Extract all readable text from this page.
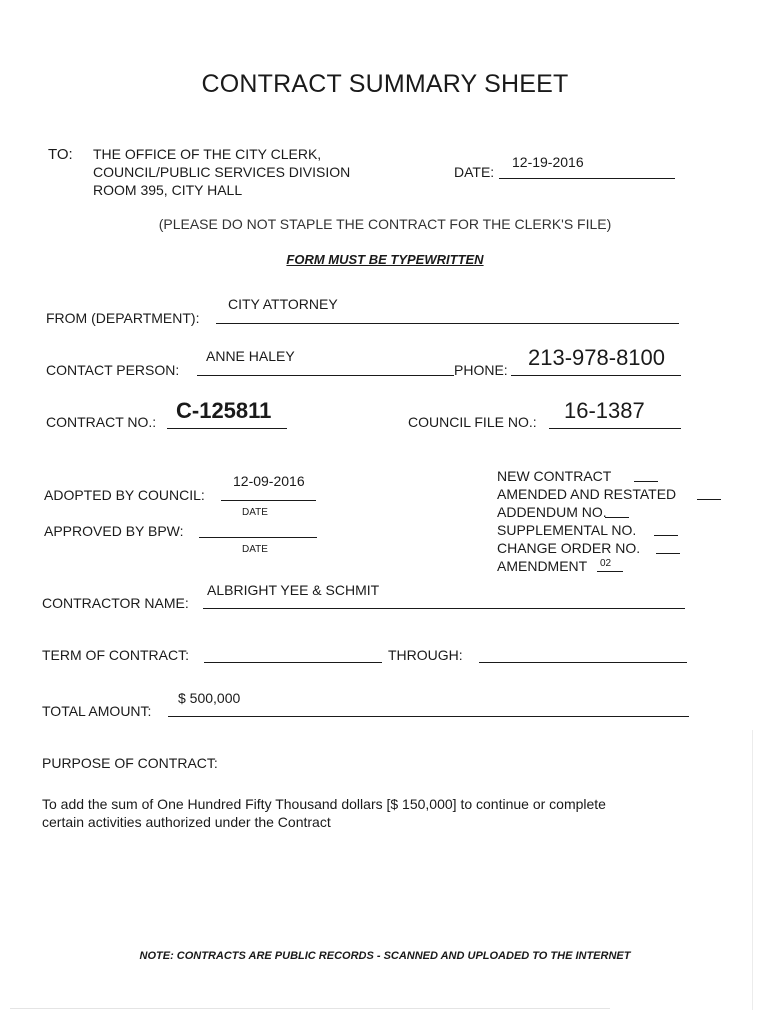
CONTRACT SUMMARY SHEET
TO: THE OFFICE OF THE CITY CLERK,
COUNCIL/PUBLIC SERVICES DIVISION
ROOM 395, CITY HALL
DATE:
12-19-2016
(PLEASE DO NOT STAPLE THE CONTRACT FOR THE CLERK'S FILE)
FORM MUST BE TYPEWRITTEN
FROM (DEPARTMENT):
CITY ATTORNEY
CONTACT PERSON:
ANNE HALEY
PHONE: 213-978-8100
CONTRACT NO.: C-125811	COUNCIL FILE NO.: 16-1387
ADOPTED BY COUNCIL:
12-09-2016
DATE
APPROVED BY BPW:
DATE
NEW CONTRACT
AMENDED AND RESTATED
ADDENDUM NO.
SUPPLEMENTAL NO.
CHANGE ORDER NO.
AMENDMENT 02
CONTRACTOR NAME:
ALBRIGHT YEE & SCHMIT
TERM OF CONTRACT:	THROUGH:
TOTAL AMOUNT:
$ 500,000
PURPOSE OF CONTRACT:
To add the sum of One Hundred Fifty Thousand dollars [$ 150,000] to continue or complete
certain activities authorized under the Contract
NOTE: CONTRACTS ARE PUBLIC RECORDS - SCANNED AND UPLOADED TO THE INTERNET
